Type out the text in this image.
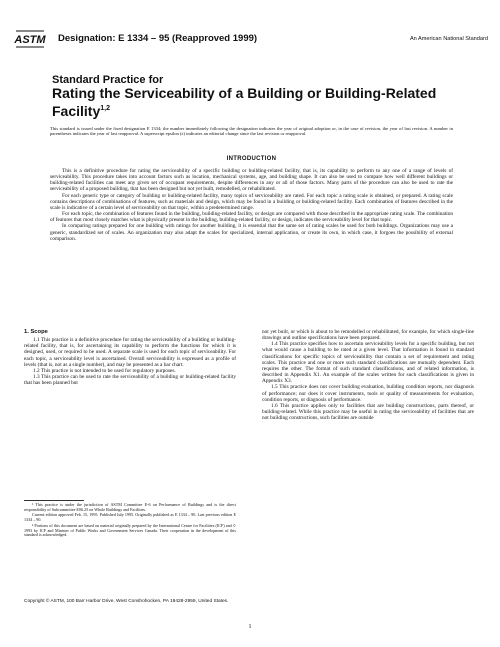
ASTM Designation: E 1334 – 95 (Reapproved 1999)	An American National Standard
Standard Practice for
Rating the Serviceability of a Building or Building-Related
Facility$^{1,2}$
This standard is issued under the fixed designation E 1334; the number immediately following the designation indicates the year of original adoption or, in the case of revision, the year of last revision. A number in parentheses indicates the year of last reapproval. A superscript epsilon (ε) indicates an editorial change since the last revision or reapproval.
INTRODUCTION

This is a definitive procedure for rating the serviceability of a specific building or building-related facility, that is, its capability to perform to any one of a range of levels of serviceability. This procedure takes into account factors such as location, mechanical systems, age, and building shape. It can also be used to compare how well different buildings or building-related facilities can meet any given set of occupant requirements, despite differences in any or all of those factors. Many parts of the procedure can also be used to rate the serviceability of a proposed building, that has been designed but not yet built, remodelled, or rehabilitated.

For each generic type or category of building or building-related facility, many topics of serviceability are rated. For each topic a rating scale is obtained, or prepared. A rating scale contains descriptions of combinations of features, such as materials and design, which may be found in a building or building-related facility. Each combination of features described in the scale is indicative of a certain level of serviceability on that topic, within a predetermined range.

For each topic, the combination of features found in the building, building-related facility, or design are compared with those described in the appropriate rating scale. The combination of features that most closely matches what is physically present in the building, building-related facility, or design, indicates the serviceability level for that topic.

In comparing ratings prepared for one building with ratings for another building, it is essential that the same set of rating scales be used for both buildings. Organizations may use a generic, standardized set of scales. An organization may also adapt the scales for specialized, internal application, or create its own, in which case, it forgoes the possibility of external comparison.

1. Scope

1.1 This practice is a definitive procedure for rating the serviceability of a building or building-related facility, that is, for ascertaining its capability to perform the functions for which it is designed, used, or required to be used. A separate scale is used for each topic of serviceability. For each topic, a serviceability level is ascertained. Overall serviceability is expressed as a profile of levels (that is, not as a single number), and may be presented as a bar chart.

1.2 This practice is not intended to be used for regulatory purposes.

1.3 This practice can be used to rate the serviceability of a building or building-related facility that has been planned but

not yet built, or which is about to be remodelled or rehabilitated, for example, for which single-line drawings and outline specifications have been prepared.

1.4 This practice specifies how to ascertain serviceability levels for a specific building, but not what would cause a building to be rated at a given level. That information is found in standard classifications for specific topics of serviceability that contain a set of requirement and rating scales. This practice and one or more such standard classifications are mutually dependent. Each requires the other. The format of such standard classifications, and of related information, is described in Appendix X1. An example of the scales written for such classifications is given in Appendix X3.

1.5 This practice does not cover building evaluation, building condition reports, nor diagnosis of performance; nor does it cover instruments, tools or quality of measurements for evaluation, condition reports, or diagnosis of performance.

1.6 This practice applies only to facilities that are building constructions, parts thereof, or building-related. While this practice may be useful in rating the serviceability of facilities that are not building constructions, such facilities are outside

¹ This practice is under the jurisdiction of ASTM Committee E-6 on Performance of Buildings and is the direct responsibility of Subcommittee E06.25 on Whole Buildings and Facilities.

Current edition approved Feb. 15, 1995. Published July 1995. Originally published as E 1334 – 90. Last previous edition E 1334 – 90.

² Portions of this document are based on material originally prepared by the International Centre for Facilities (ICF) and © 1993 by ICF and Minister of Public Works and Government Services Canada. Their cooperation in the development of this standard is acknowledged.

Copyright © ASTM, 100 Barr Harbor Drive, West Conshohocken, PA 19428-2959, United States.
1
